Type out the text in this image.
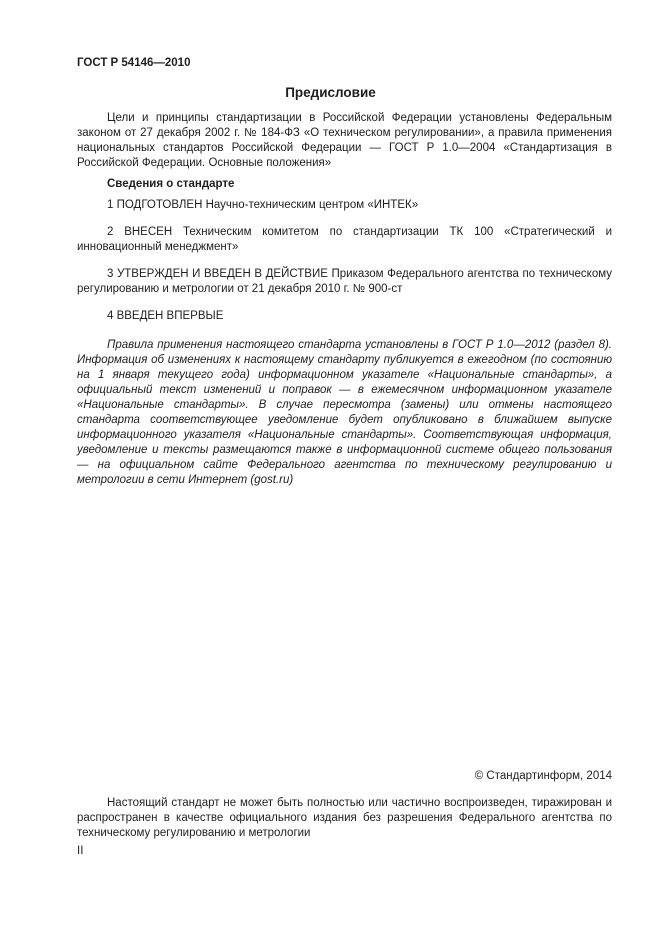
ГОСТ Р 54146—2010
Предисловие

Цели и принципы стандартизации в Российской Федерации установлены Федеральным законом от 27 декабря 2002 г. № 184-ФЗ «О техническом регулировании», а правила применения национальных стандартов Российской Федерации — ГОСТ Р 1.0—2004 «Стандартизация в Российской Федерации. Основные положения»

Сведения о стандарте

1 ПОДГОТОВЛЕН Научно-техническим центром «ИНТЕК»

2 ВНЕСЕН Техническим комитетом по стандартизации ТК 100 «Стратегический и инновационный менеджмент»

3 УТВЕРЖДЕН И ВВЕДЕН В ДЕЙСТВИЕ Приказом Федерального агентства по техническому регулированию и метрологии от 21 декабря 2010 г. № 900-ст

4 ВВЕДЕН ВПЕРВЫЕ

Правила применения настоящего стандарта установлены в ГОСТ Р 1.0—2012 (раздел 8). Информация об изменениях к настоящему стандарту публикуется в ежегодном (по состоянию на 1 января текущего года) информационном указателе «Национальные стандарты», а официальный текст изменений и поправок — в ежемесячном информационном указателе «Национальные стандарты». В случае пересмотра (замены) или отмены настоящего стандарта соответствующее уведомление будет опубликовано в ближайшем выпуске информационного указателя «Национальные стандарты». Соответствующая информация, уведомление и тексты размещаются также в информационной системе общего пользования — на официальном сайте Федерального агентства по техническому регулированию и метрологии в сети Интернет (gost.ru)

© Стандартинформ, 2014

Настоящий стандарт не может быть полностью или частично воспроизведен, тиражирован и распространен в качестве официального издания без разрешения Федерального агентства по техническому регулированию и метрологии

II
